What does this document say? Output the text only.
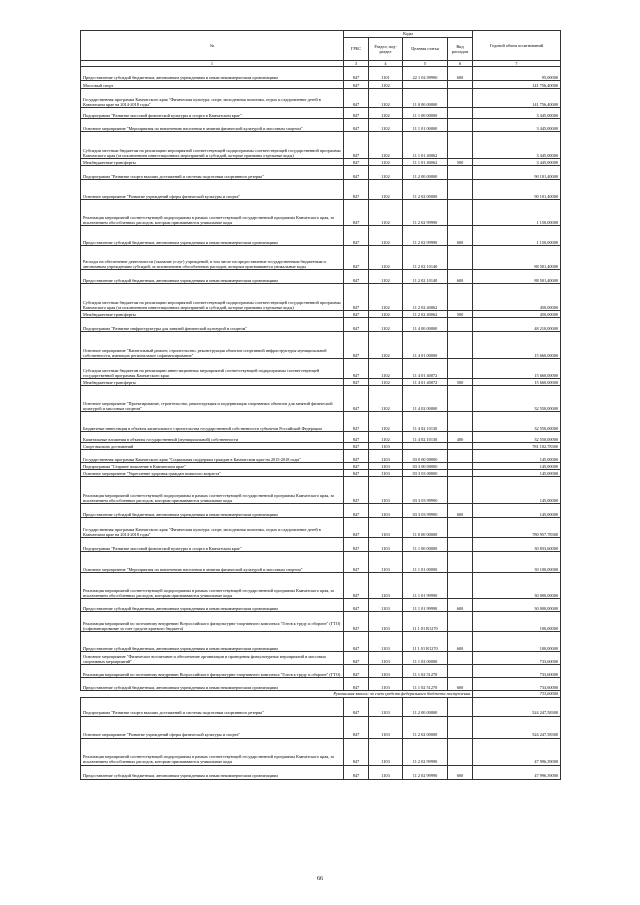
№	Коды				Годовой объем ассигнований
	ГРБС	Раздел, под-раздел	Целевая статья	Вид расходов	
1	3	4	5	6	7
Предоставление субсидий бюджетным, автономным учреждениям и иным некоммерческим организациям	847	1101	22 1 02 09990	600	95,00000
Массовый спорт	847	1102			141 756,40000
Государственная программа Камчатского края "Физическая культура, спорт, молодежная политика, отдых и оздоровление детей в Камчатском крае на 2014-2018 годы"	847	1102	11 0 00 00000		141 756,40000
Подпрограмма "Развитие массовой физической культуры и спорта в Камчатском крае"	847	1102	11 1 00 00000		3 445,00000
Основное мероприятие "Мероприятия по вовлечению населения в занятия физической культурой и массовым спортом"	847	1102	11 1 01 00000		3 445,00000
Субсидии местным бюджетам на реализацию мероприятий соответствующей подпрограммы соответствующей государственной программы Камчатского края (за исключением инвестиционных мероприятий и субсидий, которые признаны отдельные коды)	847	1102	11 1 01 40062		3 445,00000
Межбюджетные трансферты	847	1102	11 1 01 40062	500	3 445,00000
Подпрограмма "Развитие спорта высших достижений и системы подготовки спортивного резерва"	847	1102	11 2 00 00000		90 101,40000
Основное мероприятие "Развитие учреждений сферы физической культуры и спорта"	847	1102	11 2 02 00000		90 101,40000
Реализация мероприятий соответствующей подпрограммы в рамках соответствующей государственной программы Камчатского края, за исключением обособленных расходов, которым присваиваются уникальные коды	847	1102	11 2 02 99990		1 150,00000
Предоставление субсидий бюджетным, автономным учреждениям и иным некоммерческим организациям	847	1102	11 2 02 99990	600	1 150,00000
Расходы на обеспечение деятельности (оказание услуг) учреждений, в том числе на предоставление государственным бюджетным и автономным учреждениям субсидий, за исключением обособленных расходов, которым присваиваются уникальные коды	847	1102	11 2 02 10140		88 501,40000
Предоставление субсидий бюджетным, автономным учреждениям и иным некоммерческим организациям	847	1102	11 2 02 10140	600	88 501,40000
Субсидии местным бюджетам на реализацию мероприятий соответствующей подпрограммы соответствующей государственной программы Камчатского края (за исключением инвестиционных мероприятий и субсидий, которые признаны отдельные коды)	847	1102	11 2 02 40062		450,00000
Межбюджетные трансферты	847	1102	11 2 02 40062	500	450,00000
Подпрограмма "Развитие инфраструктуры для занятий физической культурой и спортом"	847	1102	11 4 00 00000		48 210,00000
Основное мероприятие "Капитальный ремонт, строительство, реконструкция объектов спортивной инфраструктуры муниципальной собственности, имеющих региональное софинансирование"	847	1102	11 4 01 00000		15 660,00000
Субсидии местным бюджетам на реализацию инвестиционных мероприятий соответствующей подпрограммы соответствующей государственной программы Камчатского края	847	1102	11 4 01 40072		15 660,00000
Межбюджетные трансферты	847	1102	11 4 01 40072	500	15 660,00000
Основное мероприятие "Проектирование, строительство, реконструкция и модернизация спортивных объектов для занятий физической культурой и массовым спортом"	847	1102	11 4 02 00000		32 550,00000
Бюджетные инвестиции в объекты капитального строительства государственной собственности субъектов Российской Федерации	847	1102	11 4 02 10130		32 550,00000
Капитальные вложения в объекты государственной (муниципальной) собственности	847	1102	11 4 02 10130	400	32 550,00000
Спорт высших достижений	847	1103			781 102,78300
Государственная программа Камчатского края "Социальная поддержка граждан в Камчатском крае на 2015-2018 годы"	847	1103	03 0 00 00000		145,00000
Подпрограмма "Старшее поколение в Камчатском крае"	847	1103	03 3 00 00000		145,00000
Основное мероприятие "Укрепление здоровья граждан пожилого возраста"	847	1103	03 3 03 00000		145,00000
Реализация мероприятий соответствующей подпрограммы в рамках соответствующей государственной программы Камчатского края, за исключением обособленных расходов, которым присваиваются уникальные коды	847	1103	03 3 03 99990		145,00000
Предоставление субсидий бюджетным, автономным учреждениям и иным некоммерческим организациям	847	1103	03 3 03 99990	600	145,00000
Государственная программа Камчатского края "Физическая культура, спорт, молодежная политика, отдых и оздоровление детей в Камчатском крае на 2014-2018 годы"	847	1103	11 0 00 00000		780 957,78300
Подпрограмма "Развитие массовой физической культуры и спорта в Камчатском крае"	847	1103	11 1 00 00000		30 833,60000
Основное мероприятие "Мероприятия по вовлечению населения в занятия физической культурой и массовым спортом"	847	1103	11 1 01 00000		30 100,00000
Реализация мероприятий соответствующей подпрограммы в рамках соответствующей государственной программы Камчатского края, за исключением обособленных расходов, которым присваиваются уникальные коды	847	1103	11 1 01 99990		30 000,00000
Предоставление субсидий бюджетным, автономным учреждениям и иным некоммерческим организациям	847	1103	11 1 01 99990	600	30 000,00000
Реализация мероприятий по поэтапному внедрению Всероссийского физкультурно-спортивного комплекса "Готов к труду и обороне" (ГТО) (софинансирование за счет средств краевого бюджета)	847	1103	11 1 01 R1270		100,00000
Предоставление субсидий бюджетным, автономным учреждениям и иным некоммерческим организациям	847	1103	11 1 01 R1270	600	100,00000
Основное мероприятие "Физическое воспитание и обеспечение организации и проведения физкультурных мероприятий и массовых спортивных мероприятий"	847	1103	11 1 02 00000		733,60000
Реализация мероприятий по поэтапному внедрению Всероссийского физкультурно-спортивного комплекса "Готов к труду и обороне" (ГТО)	847	1103	11 1 02 51270		733,60000
Предоставление субсидий бюджетным, автономным учреждениям и иным некоммерческим организациям	847	1103	11 1 02 51270	600	733,60000
Рукописная запись: за счет средств федерального бюджета поступления					733,60000
Подпрограмма "Развитие спорта высших достижений и системы подготовки спортивного резерва"	847	1103	11 2 00 00000		524 247,58300
Основное мероприятие "Развитие учреждений сферы физической культуры и спорта"	847	1103	11 2 02 00000		524 247,58300
Реализация мероприятий соответствующей подпрограммы в рамках соответствующей государственной программы Камчатского края, за исключением обособленных расходов, которым присваиваются уникальные коды	847	1103	11 2 02 99990		47 996,39000
Предоставление субсидий бюджетным, автономным учреждениям и иным некоммерческим организациям	847	1103	11 2 02 99990	600	47 996,39000
66
